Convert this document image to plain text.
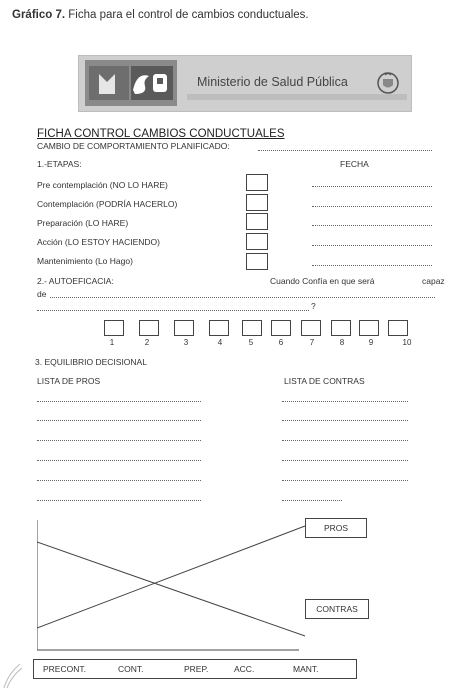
Gráfico 7. Ficha para el control de cambios conductuales.
Ministerio de Salud Pública
FICHA CONTROL CAMBIOS CONDUCTUALES
CAMBIO DE COMPORTAMIENTO PLANIFICADO:
1.-ETAPAS:	FECHA
Pre contemplación (NO LO HARE)
Contemplación (PODRÍA HACERLO)
Preparación (LO HARE)
Acción (LO ESTOY HACIENDO)
Mantenimiento (Lo Hago)
2.- AUTOEFICACIA:	Cuando Confía en que será	capaz
de
?
1	2	3	4	5	6	7	8	9	10
3. EQUILIBRIO DECISIONAL
LISTA DE PROS	LISTA DE CONTRAS
PROS
CONTRAS
PRECONT.	CONT.	PREP.	ACC.	MANT.
